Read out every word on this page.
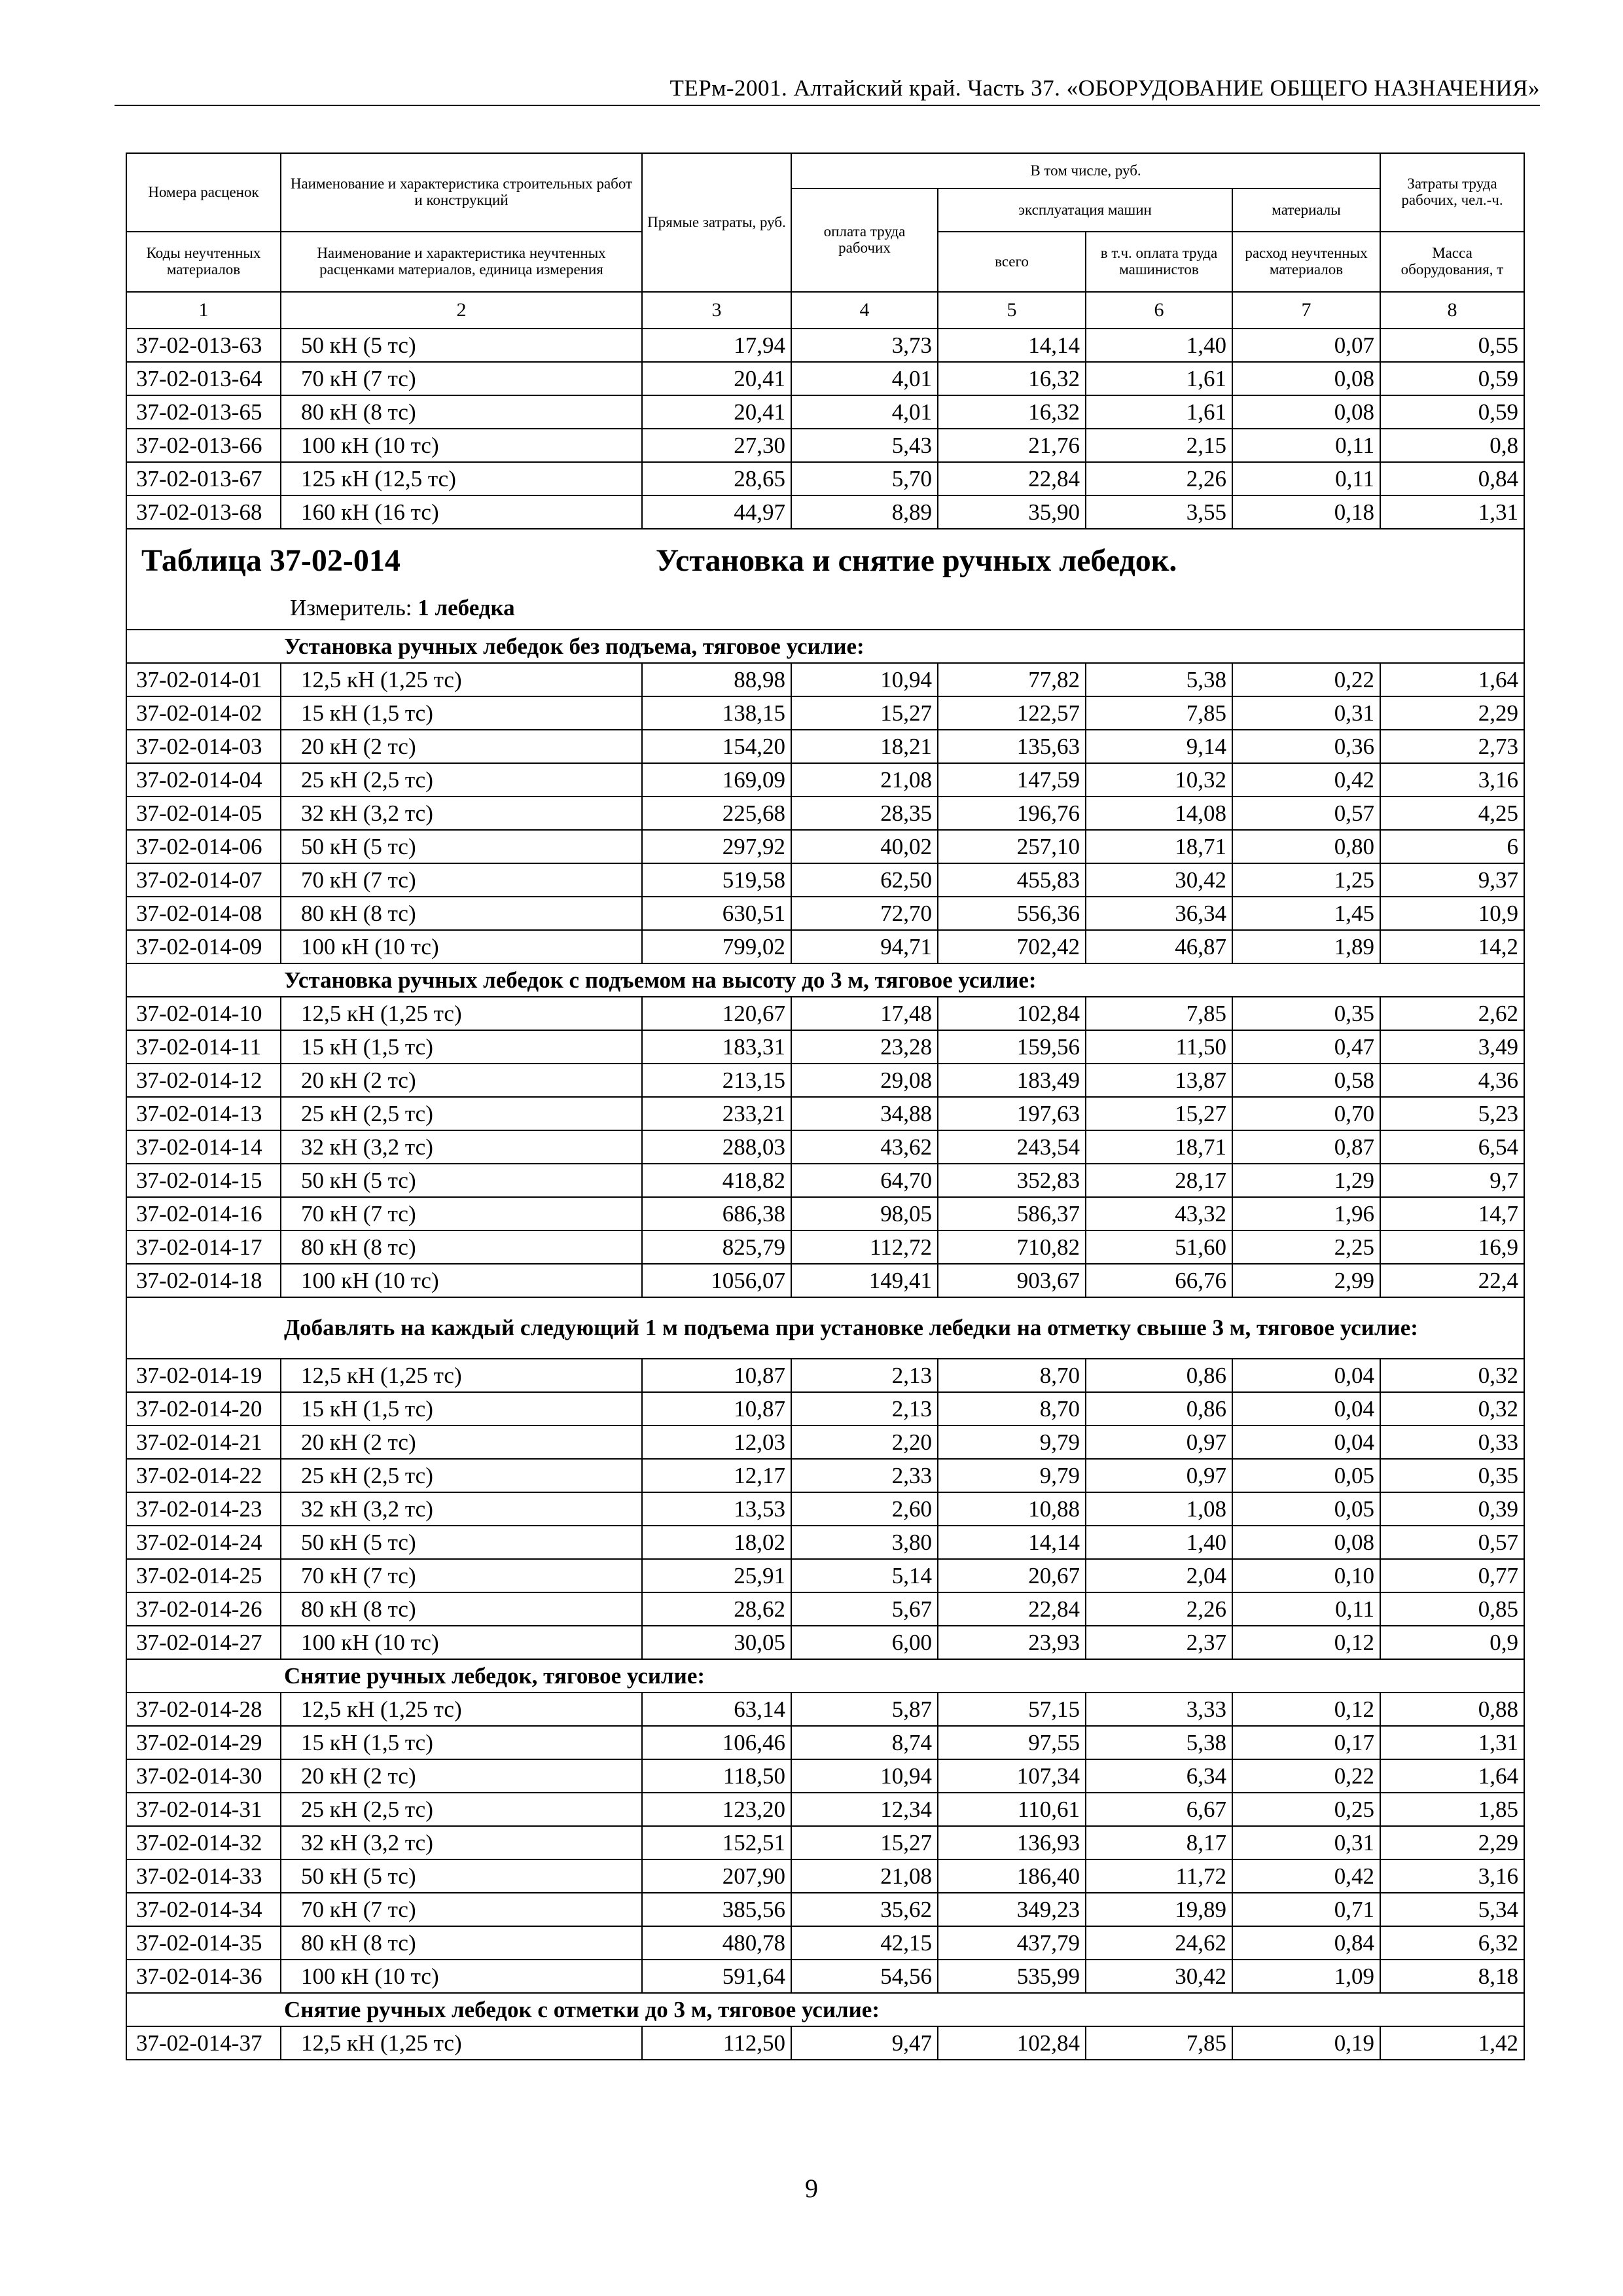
ТЕРм-2001. Алтайский край. Часть 37. «ОБОРУДОВАНИЕ ОБЩЕГО НАЗНАЧЕНИЯ»
Номера расценок	Наименование и характеристика строительных работ и конструкций	Прямые затраты, руб.	В том числе, руб.				Затраты труда рабочих, чел.-ч.
			оплата труда рабочих	эксплуатация машин		материалы	
Коды неучтенных материалов	Наименование и характеристика неучтенных расценками материалов, единица измерения			всего	в т.ч. оплата труда машинистов	расход неучтенных материалов	Масса оборудования, т
1	2	3	4	5	6	7	8
37-02-013-63	50 кН (5 тс)	17,94	3,73	14,14	1,40	0,07	0,55
37-02-013-64	70 кН (7 тс)	20,41	4,01	16,32	1,61	0,08	0,59
37-02-013-65	80 кН (8 тс)	20,41	4,01	16,32	1,61	0,08	0,59
37-02-013-66	100 кН (10 тс)	27,30	5,43	21,76	2,15	0,11	0,8
37-02-013-67	125 кН (12,5 тс)	28,65	5,70	22,84	2,26	0,11	0,84
37-02-013-68	160 кН (16 тс)	44,97	8,89	35,90	3,55	0,18	1,31

Таблица 37-02-014 Установка и снятие ручных лебедок.
Измеритель: 1 лебедка							

Установка ручных лебедок без подъема, тяговое усилие:							
37-02-014-01	12,5 кН (1,25 тс)	88,98	10,94	77,82	5,38	0,22	1,64
37-02-014-02	15 кН (1,5 тс)	138,15	15,27	122,57	7,85	0,31	2,29
37-02-014-03	20 кН (2 тс)	154,20	18,21	135,63	9,14	0,36	2,73
37-02-014-04	25 кН (2,5 тс)	169,09	21,08	147,59	10,32	0,42	3,16
37-02-014-05	32 кН (3,2 тс)	225,68	28,35	196,76	14,08	0,57	4,25
37-02-014-06	50 кН (5 тс)	297,92	40,02	257,10	18,71	0,80	6
37-02-014-07	70 кН (7 тс)	519,58	62,50	455,83	30,42	1,25	9,37
37-02-014-08	80 кН (8 тс)	630,51	72,70	556,36	36,34	1,45	10,9
37-02-014-09	100 кН (10 тс)	799,02	94,71	702,42	46,87	1,89	14,2
Установка ручных лебедок с подъемом на высоту до 3 м, тяговое усилие:							
37-02-014-10	12,5 кН (1,25 тс)	120,67	17,48	102,84	7,85	0,35	2,62
37-02-014-11	15 кН (1,5 тс)	183,31	23,28	159,56	11,50	0,47	3,49
37-02-014-12	20 кН (2 тс)	213,15	29,08	183,49	13,87	0,58	4,36
37-02-014-13	25 кН (2,5 тс)	233,21	34,88	197,63	15,27	0,70	5,23
37-02-014-14	32 кН (3,2 тс)	288,03	43,62	243,54	18,71	0,87	6,54
37-02-014-15	50 кН (5 тс)	418,82	64,70	352,83	28,17	1,29	9,7
37-02-014-16	70 кН (7 тс)	686,38	98,05	586,37	43,32	1,96	14,7
37-02-014-17	80 кН (8 тс)	825,79	112,72	710,82	51,60	2,25	16,9
37-02-014-18	100 кН (10 тс)	1056,07	149,41	903,67	66,76	2,99	22,4
Добавлять на каждый следующий 1 м подъема при установке лебедки на отметку свыше 3 м, тяговое усилие:							
37-02-014-19	12,5 кН (1,25 тс)	10,87	2,13	8,70	0,86	0,04	0,32
37-02-014-20	15 кН (1,5 тс)	10,87	2,13	8,70	0,86	0,04	0,32
37-02-014-21	20 кН (2 тс)	12,03	2,20	9,79	0,97	0,04	0,33
37-02-014-22	25 кН (2,5 тс)	12,17	2,33	9,79	0,97	0,05	0,35
37-02-014-23	32 кН (3,2 тс)	13,53	2,60	10,88	1,08	0,05	0,39
37-02-014-24	50 кН (5 тс)	18,02	3,80	14,14	1,40	0,08	0,57
37-02-014-25	70 кН (7 тс)	25,91	5,14	20,67	2,04	0,10	0,77
37-02-014-26	80 кН (8 тс)	28,62	5,67	22,84	2,26	0,11	0,85
37-02-014-27	100 кН (10 тс)	30,05	6,00	23,93	2,37	0,12	0,9
Снятие ручных лебедок, тяговое усилие:							
37-02-014-28	12,5 кН (1,25 тс)	63,14	5,87	57,15	3,33	0,12	0,88
37-02-014-29	15 кН (1,5 тс)	106,46	8,74	97,55	5,38	0,17	1,31
37-02-014-30	20 кН (2 тс)	118,50	10,94	107,34	6,34	0,22	1,64
37-02-014-31	25 кН (2,5 тс)	123,20	12,34	110,61	6,67	0,25	1,85
37-02-014-32	32 кН (3,2 тс)	152,51	15,27	136,93	8,17	0,31	2,29
37-02-014-33	50 кН (5 тс)	207,90	21,08	186,40	11,72	0,42	3,16
37-02-014-34	70 кН (7 тс)	385,56	35,62	349,23	19,89	0,71	5,34
37-02-014-35	80 кН (8 тс)	480,78	42,15	437,79	24,62	0,84	6,32
37-02-014-36	100 кН (10 тс)	591,64	54,56	535,99	30,42	1,09	8,18
Снятие ручных лебедок с отметки до 3 м, тяговое усилие:							
37-02-014-37	12,5 кН (1,25 тс)	112,50	9,47	102,84	7,85	0,19	1,42
9
